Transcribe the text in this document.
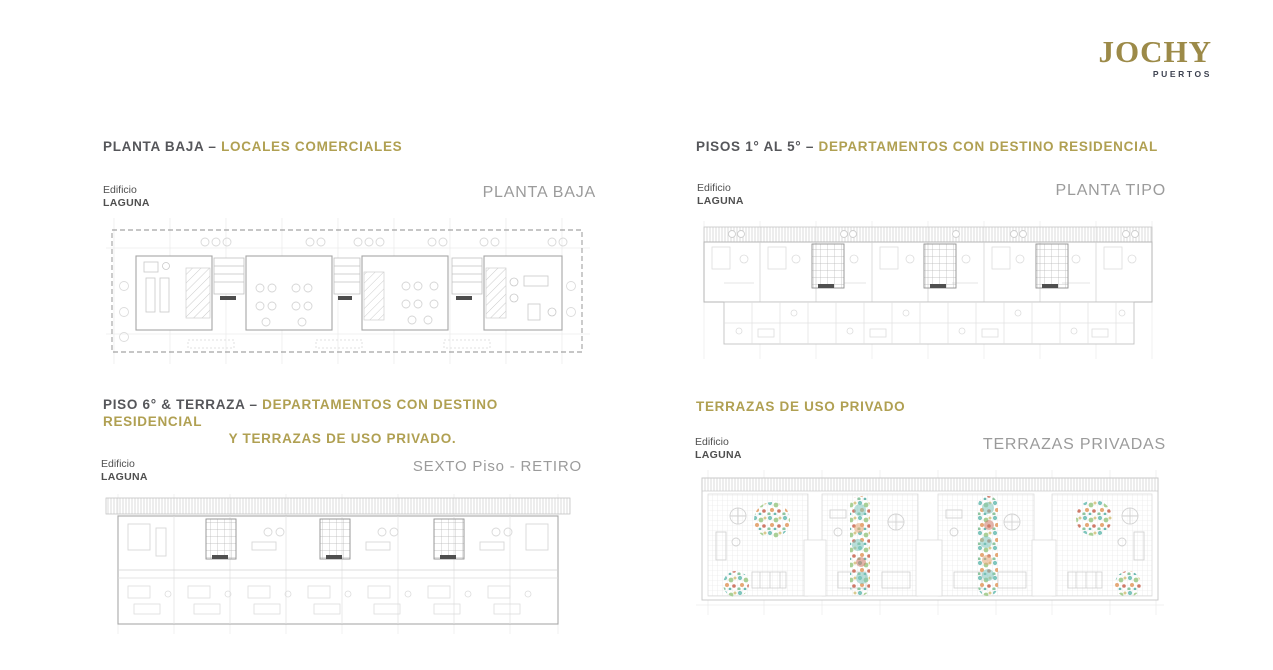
JOCHY
PUERTOS
PLANTA BAJA – LOCALES COMERCIALES
Edificio
LAGUNA
PLANTA BAJA
PISOS 1° AL 5° – DEPARTAMENTOS CON DESTINO RESIDENCIAL
Edificio
LAGUNA
PLANTA TIPO
PISO 6° & TERRAZA – DEPARTAMENTOS CON DESTINO RESIDENCIAL
Y TERRAZAS DE USO PRIVADO.
Edificio
LAGUNA
SEXTO Piso - RETIRO
TERRAZAS DE USO PRIVADO
Edificio
LAGUNA
TERRAZAS PRIVADAS
